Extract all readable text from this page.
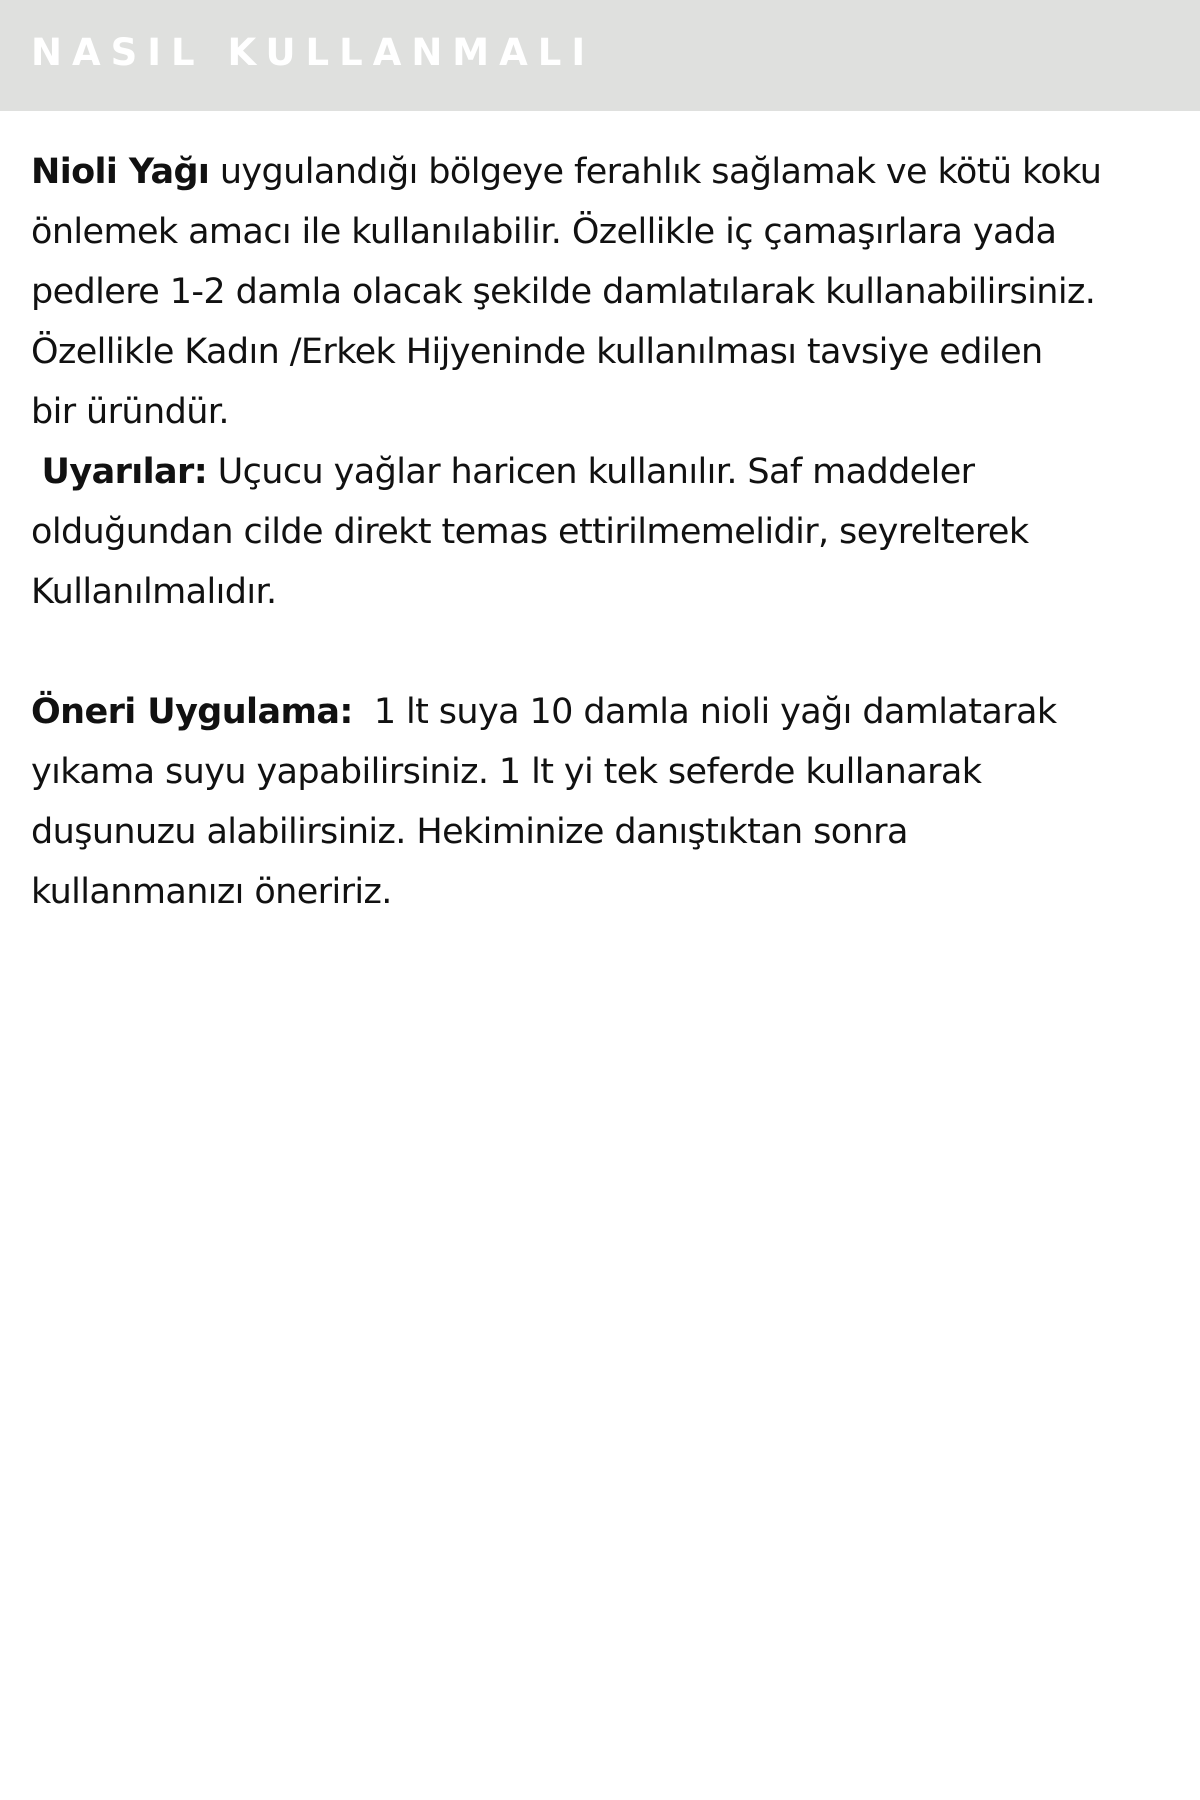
NASIL KULLANMALI

Nioli Yağı uygulandığı bölgeye ferahlık sağlamak ve kötü koku
önlemek amacı ile kullanılabilir. Özellikle iç çamaşırlara yada
pedlere 1-2 damla olacak şekilde damlatılarak kullanabilirsiniz.
Özellikle Kadın /Erkek Hijyeninde kullanılması tavsiye edilen
bir üründür.
Uyarılar: Uçucu yağlar haricen kullanılır. Saf maddeler
olduğundan cilde direkt temas ettirilmemelidir, seyrelterek
Kullanılmalıdır.

Öneri Uygulama:  1 lt suya 10 damla nioli yağı damlatarak
yıkama suyu yapabilirsiniz. 1 lt yi tek seferde kullanarak
duşunuzu alabilirsiniz. Hekiminize danıştıktan sonra
kullanmanızı öneririz.
